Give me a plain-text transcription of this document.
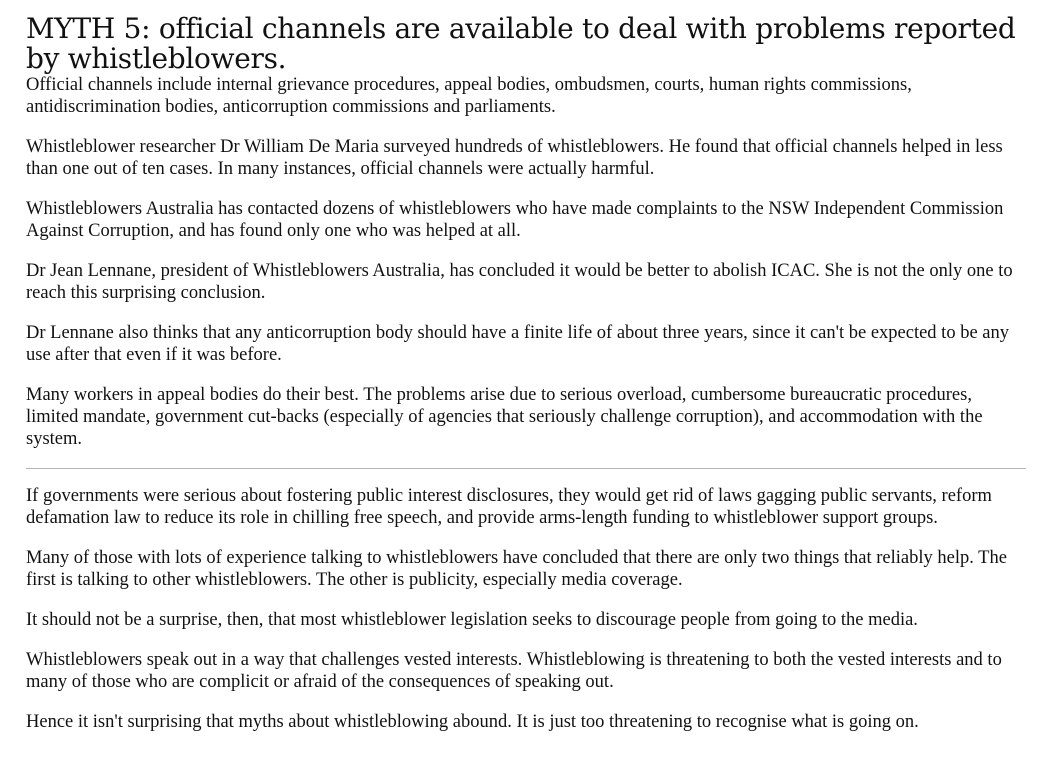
MYTH 5: official channels are available to deal with problems reported by whistleblowers.

Official channels include internal grievance procedures, appeal bodies, ombudsmen, courts, human rights commissions, antidiscrimination bodies, anticorruption commissions and parliaments.

Whistleblower researcher Dr William De Maria surveyed hundreds of whistleblowers. He found that official channels helped in less than one out of ten cases. In many instances, official channels were actually harmful.

Whistleblowers Australia has contacted dozens of whistleblowers who have made complaints to the NSW Independent Commission Against Corruption, and has found only one who was helped at all.

Dr Jean Lennane, president of Whistleblowers Australia, has concluded it would be better to abolish ICAC. She is not the only one to reach this surprising conclusion.

Dr Lennane also thinks that any anticorruption body should have a finite life of about three years, since it can't be expected to be any use after that even if it was before.

Many workers in appeal bodies do their best. The problems arise due to serious overload, cumbersome bureaucratic procedures, limited mandate, government cut-backs (especially of agencies that seriously challenge corruption), and accommodation with the system.

If governments were serious about fostering public interest disclosures, they would get rid of laws gagging public servants, reform defamation law to reduce its role in chilling free speech, and provide arms-length funding to whistleblower support groups.

Many of those with lots of experience talking to whistleblowers have concluded that there are only two things that reliably help. The first is talking to other whistleblowers. The other is publicity, especially media coverage.

It should not be a surprise, then, that most whistleblower legislation seeks to discourage people from going to the media.

Whistleblowers speak out in a way that challenges vested interests. Whistleblowing is threatening to both the vested interests and to many of those who are complicit or afraid of the consequences of speaking out.

Hence it isn't surprising that myths about whistleblowing abound. It is just too threatening to recognise what is going on.
